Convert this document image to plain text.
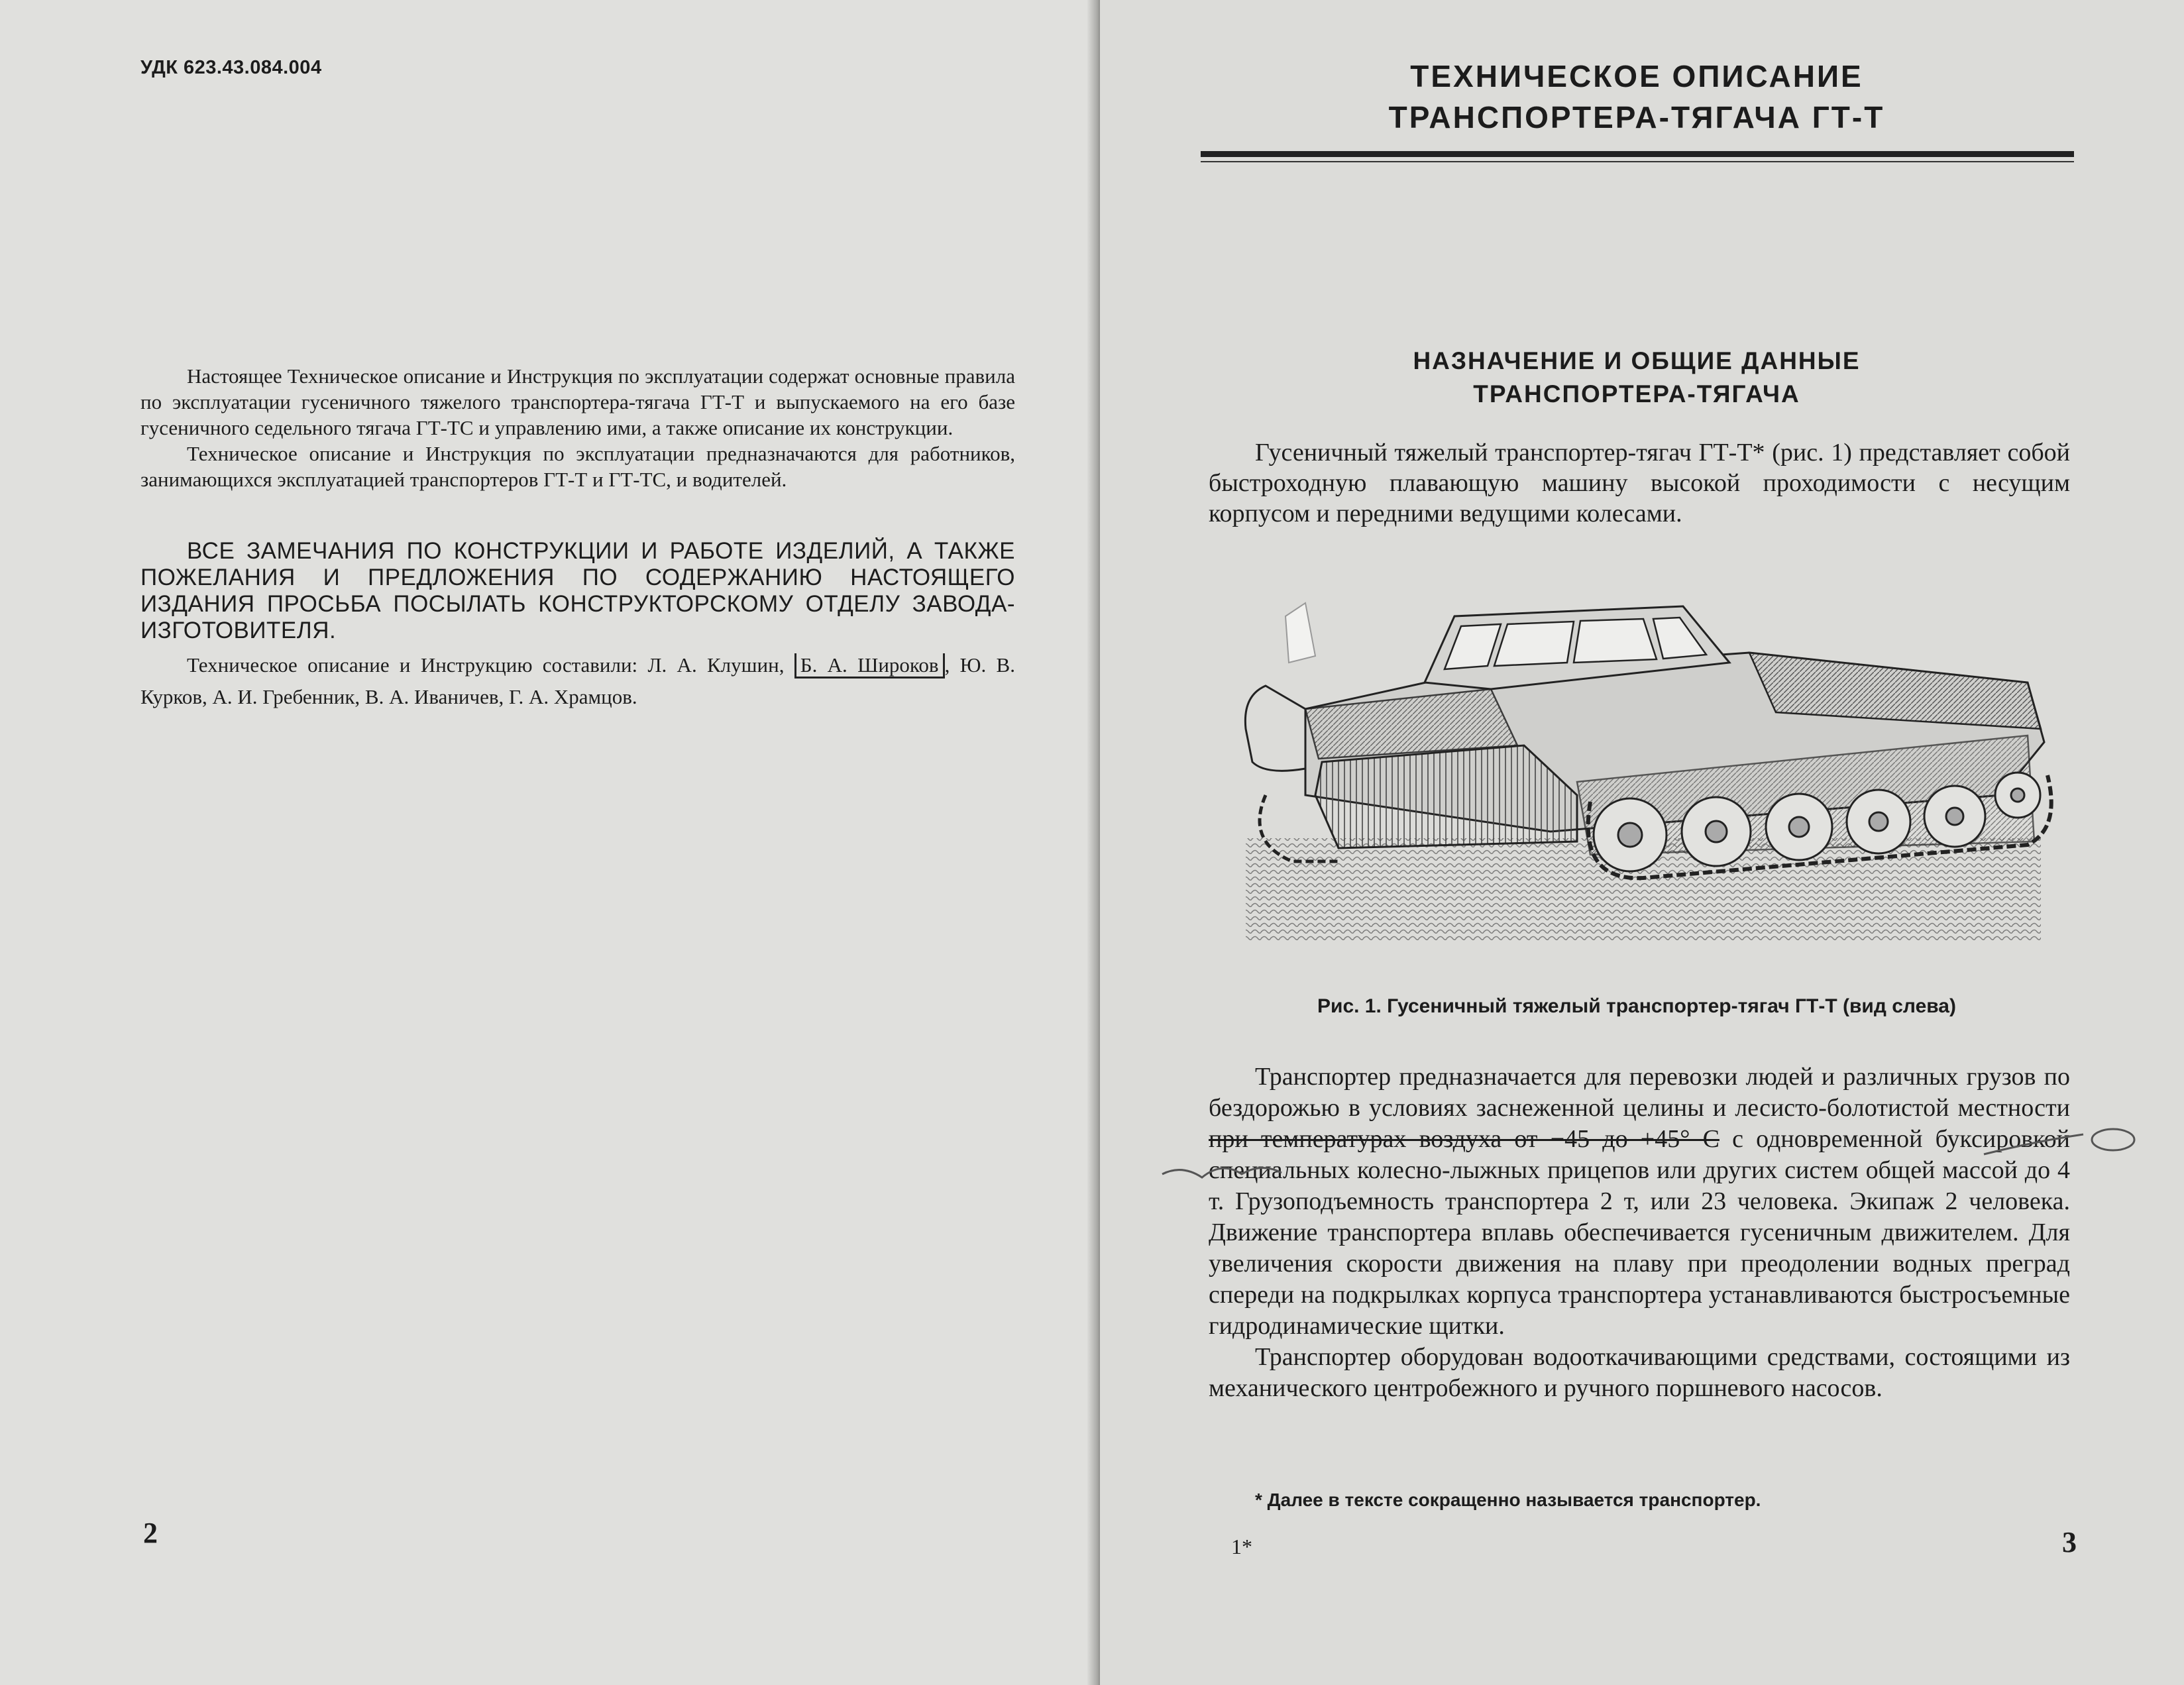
УДК 623.43.084.004

Настоящее Техническое описание и Инструкция по эксплуатации содержат основные правила по эксплуатации гусеничного тяжелого транспортера-тягача ГТ-Т и выпускаемого на его базе гусеничного седельного тягача ГТ-ТС и управлению ими, а также описание их конструкции.

Техническое описание и Инструкция по эксплуатации предназначаются для работников, занимающихся эксплуатацией транспортеров ГТ-Т и ГТ-ТС, и водителей.

ВСЕ ЗАМЕЧАНИЯ ПО КОНСТРУКЦИИ И РАБОТЕ ИЗДЕЛИЙ, А ТАКЖЕ ПОЖЕЛАНИЯ И ПРЕДЛОЖЕНИЯ ПО СОДЕРЖАНИЮ НАСТОЯЩЕГО ИЗДАНИЯ ПРОСЬБА ПОСЫЛАТЬ КОНСТРУКТОРСКОМУ ОТДЕЛУ ЗАВОДА-ИЗГОТОВИТЕЛЯ.
Техническое описание и Инструкцию составили: Л. А. Клушин, Б. А. Широков , Ю. В. Курков, А. И. Гребенник, В. А. Иваничев, Г. А. Храмцов.
2
ТЕХНИЧЕСКОЕ ОПИСАНИЕ
ТРАНСПОРТЕРА-ТЯГАЧА ГТ-Т
НАЗНАЧЕНИЕ И ОБЩИЕ ДАННЫЕ
ТРАНСПОРТЕРА-ТЯГАЧА

Гусеничный тяжелый транспортер-тягач ГТ-Т* (рис. 1) представляет собой быстроходную плавающую машину высокой проходимости с несущим корпусом и передними ведущими колесами.

Рис. 1. Гусеничный тяжелый транспортер-тягач ГТ-Т (вид слева)

Транспортер предназначается для перевозки людей и различных грузов по бездорожью в условиях заснеженной целины и лесисто-болотистой местности при температурах воздуха от −45 до +45° С с одновременной буксировкой специальных колесно-лыжных прицепов или других систем общей массой до 4 т. Грузоподъемность транспортера 2 т, или 23 человека. Экипаж 2 человека. Движение транспортера вплавь обеспечивается гусеничным движителем. Для увеличения скорости движения на плаву при преодолении водных преград спереди на подкрылках корпуса транспортера устанавливаются быстросъемные гидродинамические щитки.

Транспортер оборудован водооткачивающими средствами, состоящими из механического центробежного и ручного поршневого насосов.

* Далее в тексте сокращенно называется транспортер.
1*	3
